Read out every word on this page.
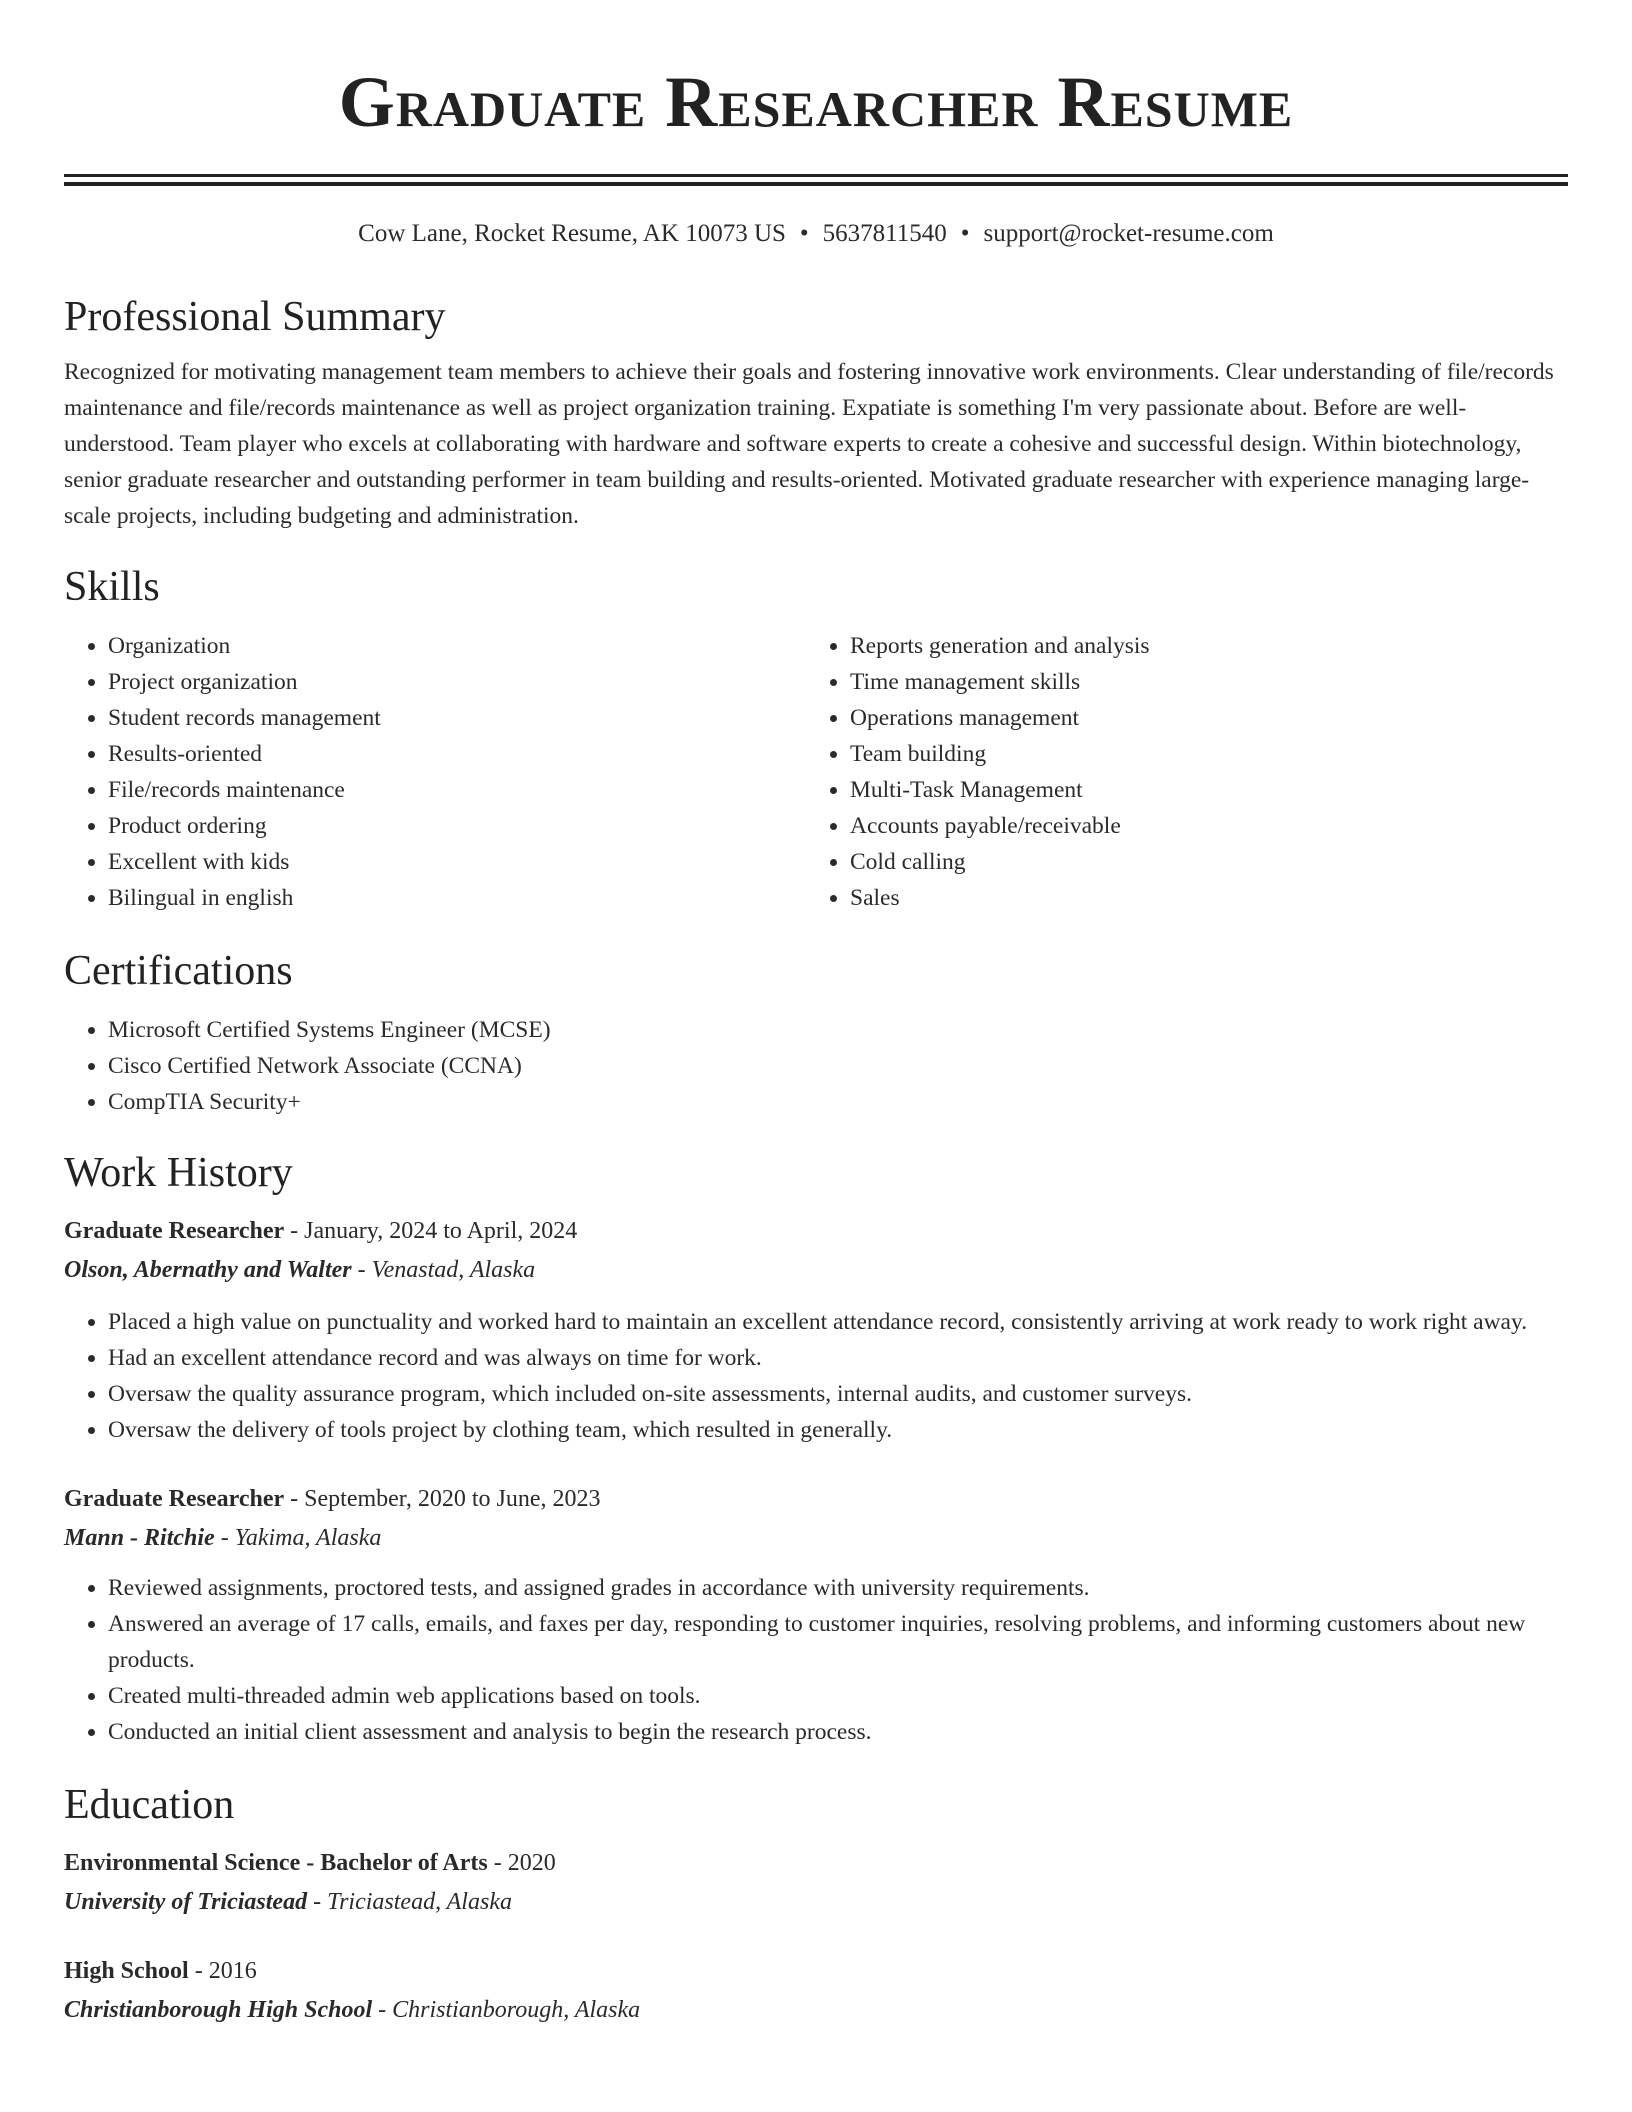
Graduate Researcher Resume
Cow Lane, Rocket Resume, AK 10073 US • 5637811540 • support@rocket-resume.com
Professional Summary

Recognized for motivating management team members to achieve their goals and fostering innovative work environments. Clear understanding of file/records maintenance and file/records maintenance as well as project organization training. Expatiate is something I'm very passionate about. Before are well-understood. Team player who excels at collaborating with hardware and software experts to create a cohesive and successful design. Within biotechnology, senior graduate researcher and outstanding performer in team building and results-oriented. Motivated graduate researcher with experience managing large-scale projects, including budgeting and administration.

Skills
• Organization
• Project organization
• Student records management
• Results-oriented
• File/records maintenance
• Product ordering
• Excellent with kids
• Bilingual in english
• Reports generation and analysis
• Time management skills
• Operations management
• Team building
• Multi-Task Management
• Accounts payable/receivable
• Cold calling
• Sales
Certifications
• Microsoft Certified Systems Engineer (MCSE)
• Cisco Certified Network Associate (CCNA)
• CompTIA Security+
Work History
Graduate Researcher - January, 2024 to April, 2024
Olson, Abernathy and Walter - Venastad, Alaska
• Placed a high value on punctuality and worked hard to maintain an excellent attendance record, consistently arriving at work ready to work right away.
• Had an excellent attendance record and was always on time for work.
• Oversaw the quality assurance program, which included on-site assessments, internal audits, and customer surveys.
• Oversaw the delivery of tools project by clothing team, which resulted in generally.
Graduate Researcher - September, 2020 to June, 2023
Mann - Ritchie - Yakima, Alaska
• Reviewed assignments, proctored tests, and assigned grades in accordance with university requirements.
• Answered an average of 17 calls, emails, and faxes per day, responding to customer inquiries, resolving problems, and informing customers about new products.
• Created multi-threaded admin web applications based on tools.
• Conducted an initial client assessment and analysis to begin the research process.
Education
Environmental Science - Bachelor of Arts - 2020
University of Triciastead - Triciastead, Alaska
High School - 2016
Christianborough High School - Christianborough, Alaska
